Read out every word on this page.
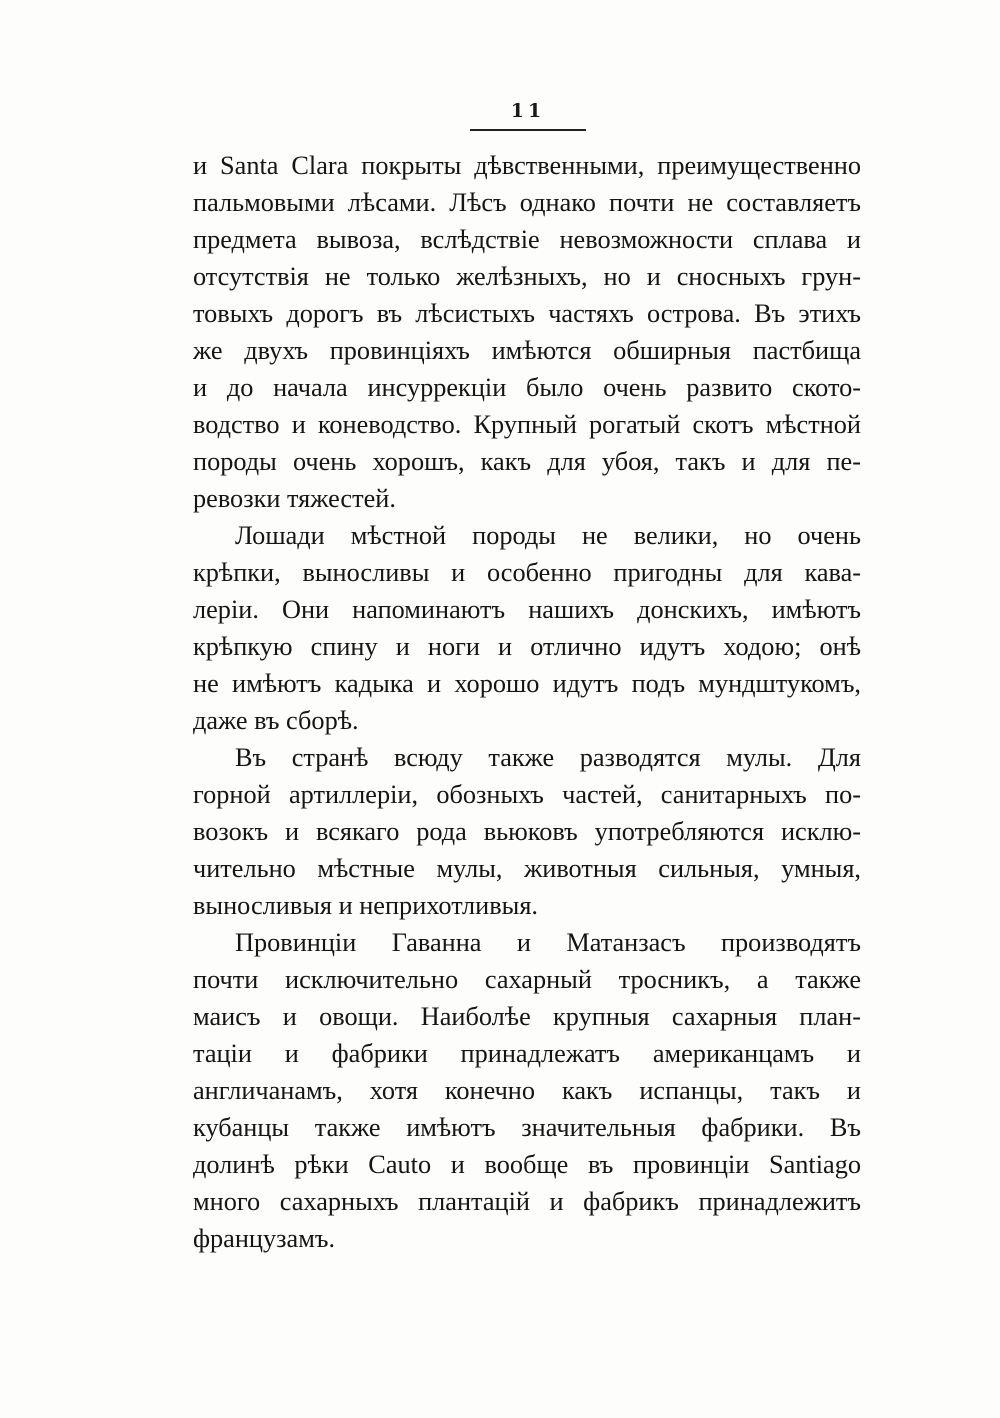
11
и Santa Clara покрыты дѣвственными, преимущественно
пальмовыми лѣсами. Лѣсъ однако почти не составляетъ
предмета вывоза, вслѣдствіе невозможности сплава и
отсутствія не только желѣзныхъ, но и сносныхъ грун-
товыхъ дорогъ въ лѣсистыхъ частяхъ острова. Въ этихъ
же двухъ провинціяхъ имѣются обширныя пастбища
и до начала инсуррекціи было очень развито ското-
водство и коневодство. Крупный рогатый скотъ мѣстной
породы очень хорошъ, какъ для убоя, такъ и для пе-
ревозки тяжестей.
Лошади мѣстной породы не велики, но очень
крѣпки, выносливы и особенно пригодны для кава-
леріи. Они напоминаютъ нашихъ донскихъ, имѣютъ
крѣпкую спину и ноги и отлично идутъ ходою; онѣ
не имѣютъ кадыка и хорошо идутъ подъ мундштукомъ,
даже въ сборѣ.
Въ странѣ всюду также разводятся мулы. Для
горной артиллеріи, обозныхъ частей, санитарныхъ по-
возокъ и всякаго рода вьюковъ употребляются исклю-
чительно мѣстные мулы, животныя сильныя, умныя,
выносливыя и неприхотливыя.
Провинціи Гаванна и Матанзасъ производятъ
почти исключительно сахарный тросникъ, а также
маисъ и овощи. Наиболѣе крупныя сахарныя план-
таціи и фабрики принадлежатъ американцамъ и
англичанамъ, хотя конечно какъ испанцы, такъ и
кубанцы также имѣютъ значительныя фабрики. Въ
долинѣ рѣки Cauto и вообще въ провинціи Santiago
много сахарныхъ плантацій и фабрикъ принадлежитъ
французамъ.
